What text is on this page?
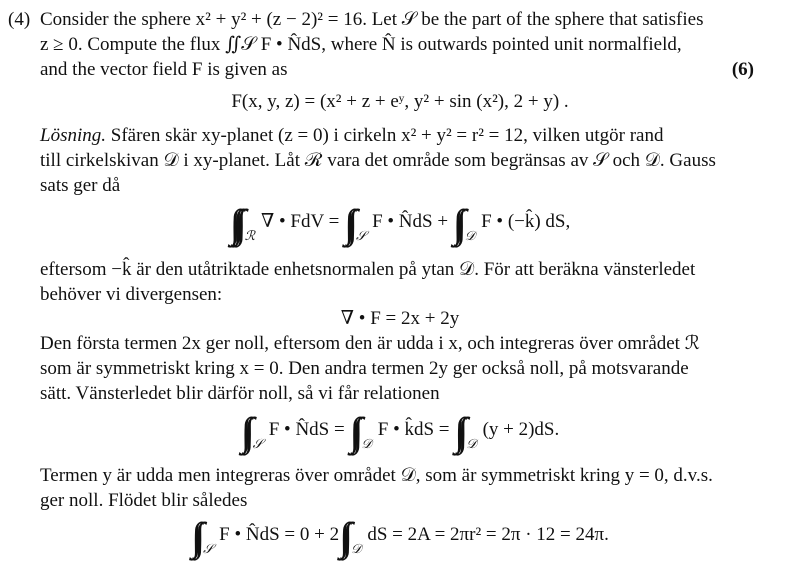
(4) Consider the sphere x² + y² + (z − 2)² = 16. Let 𝒮 be the part of the sphere that satisfies
z ≥ 0. Compute the flux ∬𝒮 F • N̂dS, where N̂ is outwards pointed unit normalfield,
and the vector field F is given as	(6)
F(x, y, z) = (x² + z + eʸ, y² + sin (x²), 2 + y) .
Lösning. Sfären skär xy-planet (z = 0) i cirkeln x² + y² = r² = 12, vilken utgör rand
till cirkelskivan 𝒟 i xy-planet. Låt ℛ vara det område som begränsas av 𝒮 och 𝒟. Gauss
sats ger då
∫∫∫ $_ℛ$∇ • FdV = ∫∫ $_𝒮$F • N̂dS + ∫∫ $_𝒟$F • (−k̂) dS,
eftersom −k̂ är den utåtriktade enhetsnormalen på ytan 𝒟. För att beräkna vänsterledet
behöver vi divergensen:
∇ • F = 2x + 2y
Den första termen 2x ger noll, eftersom den är udda i x, och integreras över området ℛ
som är symmetriskt kring x = 0. Den andra termen 2y ger också noll, på motsvarande
sätt. Vänsterledet blir därför noll, så vi får relationen
∫∫ $_𝒮$F • N̂dS = ∫∫ $_𝒟$F • k̂dS = ∫∫ $_𝒟$(y + 2)dS.
Termen y är udda men integreras över området 𝒟, som är symmetriskt kring y = 0, d.v.s.
ger noll. Flödet blir således
∫∫ $_𝒮$F • N̂dS = 0 + 2∫∫ $_𝒟$dS = 2A = 2πr² = 2π · 12 = 24π.
